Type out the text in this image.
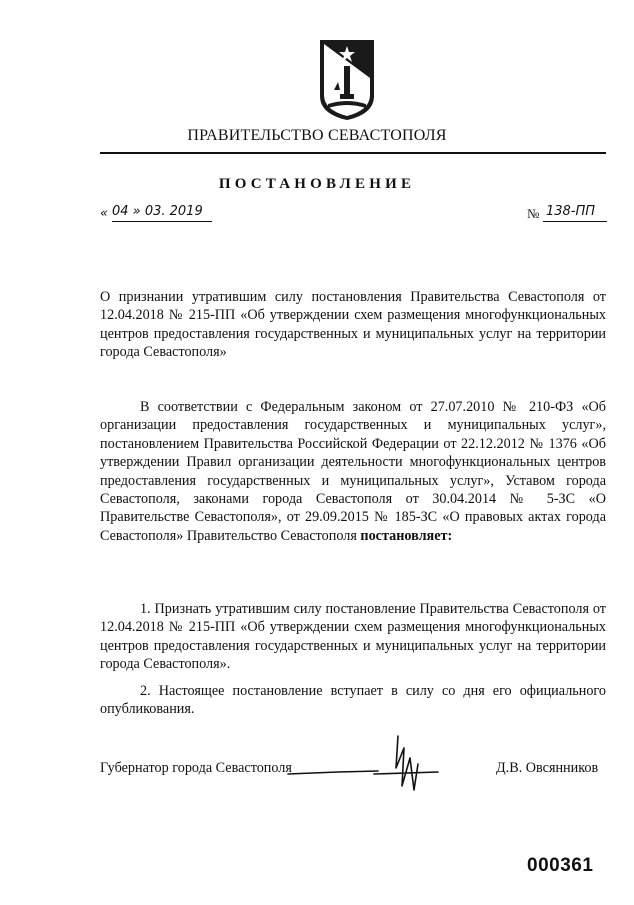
ПРАВИТЕЛЬСТВО СЕВАСТОПОЛЯ
ПОСТАНОВЛЕНИЕ
« 04 » 03. 2019	№ 138-ПП

О признании утратившим силу постановления Правительства Севастополя от 12.04.2018 № 215-ПП «Об утверждении схем размещения многофункциональных центров предоставления государственных и муниципальных услуг на территории города Севастополя»

В соответствии с Федеральным законом от 27.07.2010 № 210-ФЗ «Об организации предоставления государственных и муниципальных услуг», постановлением Правительства Российской Федерации от 22.12.2012 № 1376 «Об утверждении Правил организации деятельности многофункциональных центров предоставления государственных и муниципальных услуг», Уставом города Севастополя, законами города Севастополя от 30.04.2014 № 5-ЗС «О Правительстве Севастополя», от 29.09.2015 № 185-ЗС «О правовых актах города Севастополя» Правительство Севастополя постановляет:

1. Признать утратившим силу постановление Правительства Севастополя от 12.04.2018 № 215-ПП «Об утверждении схем размещения многофункциональных центров предоставления государственных и муниципальных услуг на территории города Севастополя».

2. Настоящее постановление вступает в силу со дня его официального опубликования.

Губернатор города Севастополя	Д.В. Овсянников
000361
